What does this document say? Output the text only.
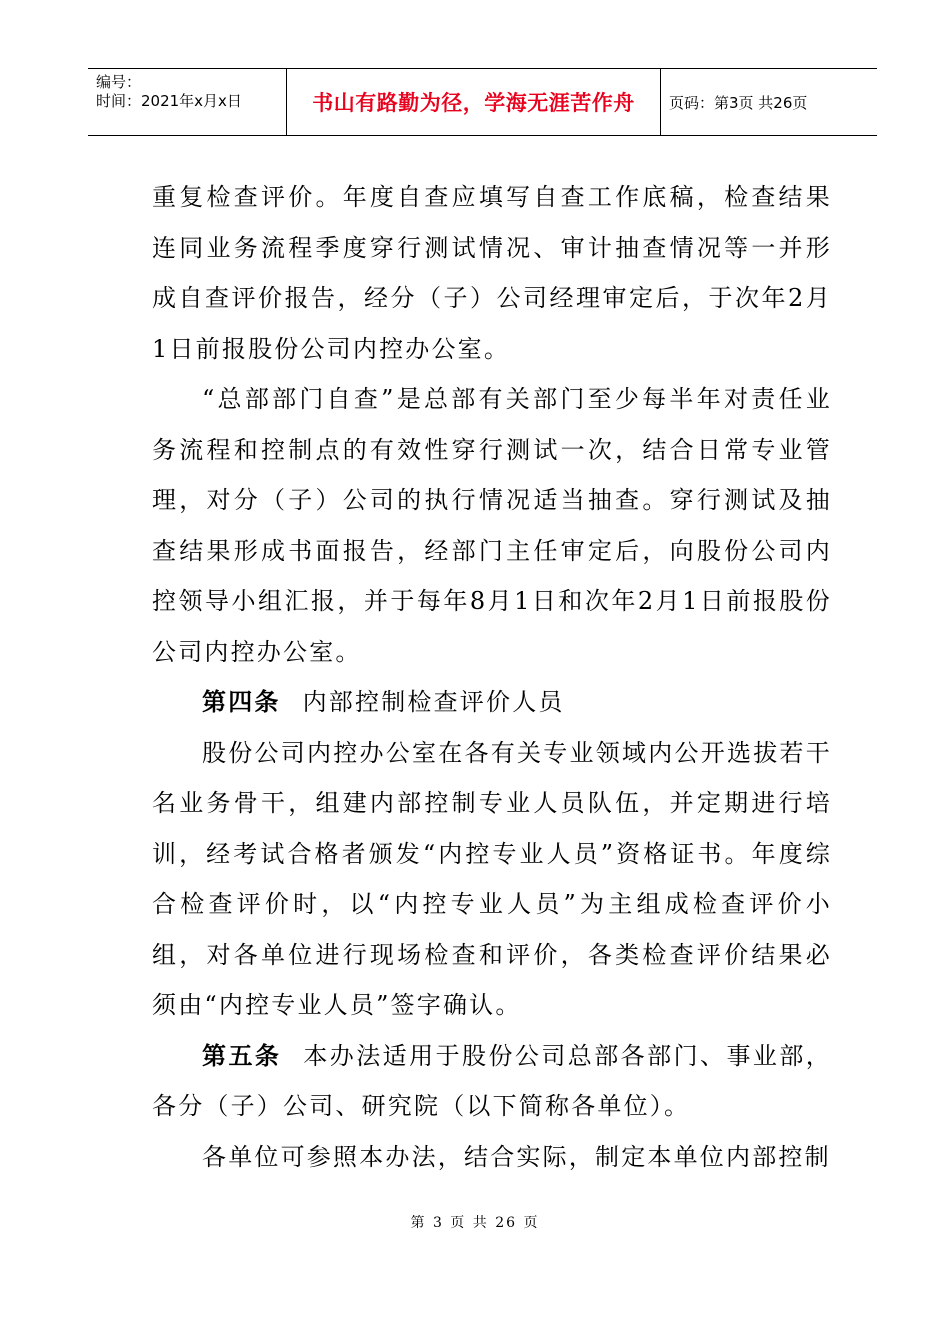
编号：
时间：2021年x月x日	书山有路勤为径，学海无涯苦作舟 页码：第3页 共26页

重复检查评价。年度自查应填写自查工作底稿，检查结果连同业务流程季度穿行测试情况、审计抽查情况等一并形成自查评价报告，经分（子）公司经理审定后，于次年2月1日前报股份公司内控办公室。

“总部部门自查”是总部有关部门至少每半年对责任业务流程和控制点的有效性穿行测试一次，结合日常专业管理，对分（子）公司的执行情况适当抽查。穿行测试及抽查结果形成书面报告，经部门主任审定后，向股份公司内控领导小组汇报，并于每年8月1日和次年2月1日前报股份公司内控办公室。

第四条 内部控制检查评价人员

股份公司内控办公室在各有关专业领域内公开选拔若干名业务骨干，组建内部控制专业人员队伍，并定期进行培训，经考试合格者颁发“内控专业人员”资格证书。年度综合检查评价时，以“内控专业人员”为主组成检查评价小组，对各单位进行现场检查和评价，各类检查评价结果必须由“内控专业人员”签字确认。

第五条 本办法适用于股份公司总部各部门、事业部，各分（子）公司、研究院（以下简称各单位）。

各单位可参照本办法，结合实际，制定本单位内部控制

第 3 页 共 26 页
